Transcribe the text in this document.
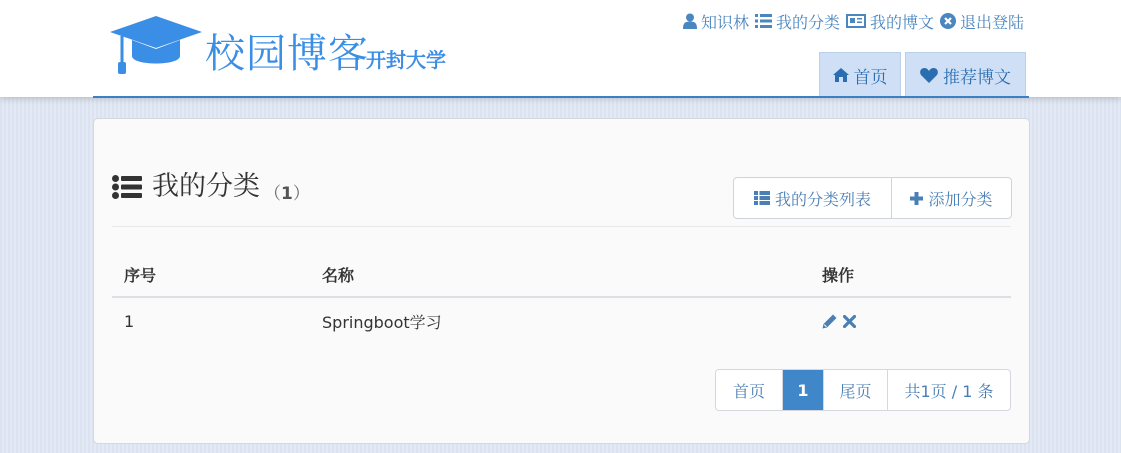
校园博客
开封大学
知识林 我的分类 我的博文 退出登陆
首页	推荐博文
我的分类 （1）	我的分类列表	添加分类
序号	名称	操作
1	Springboot学习
首页	1	尾页	共1页 / 1 条
